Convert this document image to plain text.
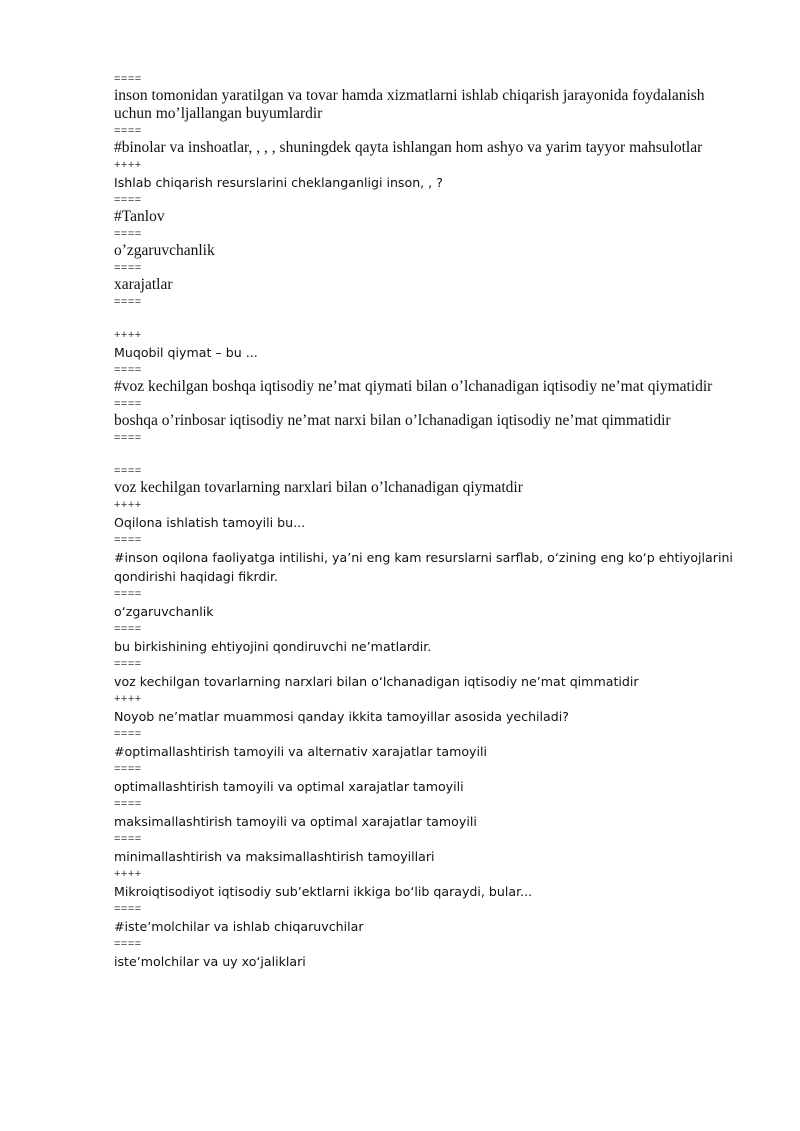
====
inson tomonidan yaratilgan va tovar hamda xizmatlarni ishlab chiqarish jarayonida foydalanish uchun mo’ljallangan buyumlardir
====
#binolar va inshoatlar, , , , shuningdek qayta ishlangan hom ashyo va yarim tayyor mahsulotlar
++++
Ishlab chiqarish resurslarini cheklanganligi inson, , ?
====
#Tanlov
====
o’zgaruvchanlik
====
xarajatlar
====
++++
Muqobil qiymat – bu ...
====
#voz kechilgan boshqa iqtisodiy ne’mat qiymati bilan o’lchanadigan iqtisodiy ne’mat qiymatidir
====
boshqa o’rinbosar iqtisodiy ne’mat narxi bilan o’lchanadigan iqtisodiy ne’mat qimmatidir
====
====
voz kechilgan tovarlarning narxlari bilan o’lchanadigan qiymatdir
++++
Oqilona ishlatish tamoyili bu...
====
#inson oqilona faoliyatga intilishi, ya’ni eng kam resurslarni sarflab, oʻzining eng koʻp ehtiyojlarini qondirishi haqidagi fikrdir.
====
oʻzgaruvchanlik
====
bu birkishining ehtiyojini qondiruvchi ne’matlardir.
====
voz kechilgan tovarlarning narxlari bilan oʻlchanadigan iqtisodiy ne’mat qimmatidir
++++
Noyob ne’matlar muammosi qanday ikkita tamoyillar asosida yechiladi?
====
#optimallashtirish tamoyili va alternativ xarajatlar tamoyili
====
optimallashtirish tamoyili va optimal xarajatlar tamoyili
====
maksimallashtirish tamoyili va optimal xarajatlar tamoyili
====
minimallashtirish va maksimallashtirish tamoyillari
++++
Mikroiqtisodiyot iqtisodiy subʼektlarni ikkiga boʻlib qaraydi, bular...
====
#isteʼmolchilar va ishlab chiqaruvchilar
====
isteʼmolchilar va uy xoʻjaliklari
